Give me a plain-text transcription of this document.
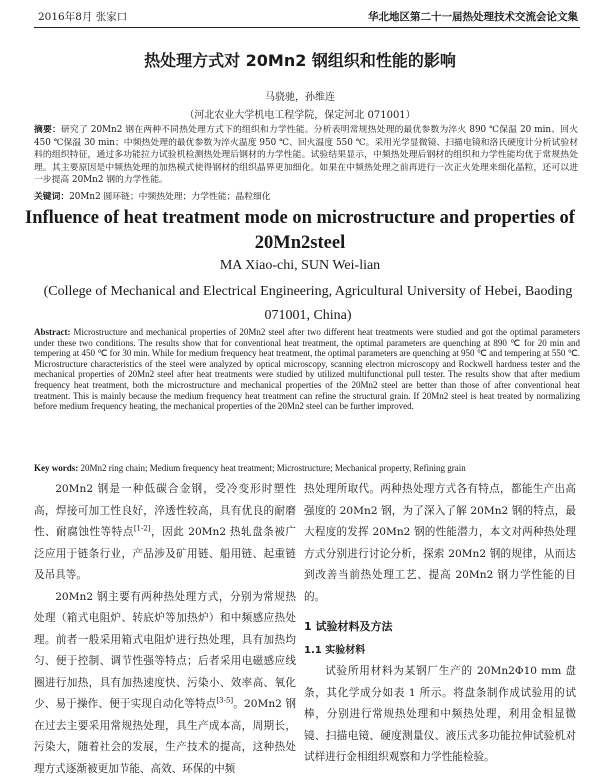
2016年8月 张家口	华北地区第二十一届热处理技术交流会论文集
热处理方式对 20Mn2 钢组织和性能的影响
马骁驰，孙维连
（河北农业大学机电工程学院，保定河北 071001）
摘要：研究了 20Mn2 钢在两种不同热处理方式下的组织和力学性能。分析表明常规热处理的最优参数为淬火 890 ℃保温 20 min、回火 450 ℃保温 30 min；中频热处理的最优参数为淬火温度 950 ℃、回火温度 550 ℃。采用光学显微镜、扫描电镜和洛氏硬度计分析试验材料的组织特征，通过多功能拉力试验机检测热处理后钢材的力学性能。试验结果显示，中频热处理后钢材的组织和力学性能均优于常规热处理。其主要原因是中频热处理的加热模式使得钢材的组织晶界更加细化。如果在中频热处理之前再进行一次正火处理来细化晶粒，还可以进一步提高 20Mn2 钢的力学性能。
关键词：20Mn2 圆环链；中频热处理；力学性能；晶粒细化
Influence of heat treatment mode on microstructure and properties of 20Mn2steel
MA Xiao-chi, SUN Wei-lian
(College of Mechanical and Electrical Engineering, Agricultural University of Hebei, Baoding 071001, China)
Abstract: Microstructure and mechanical properties of 20Mn2 steel after two different heat treatments were studied and got the optimal parameters under these two conditions. The results show that for conventional heat treatment, the optimal parameters are quenching at 890 ℃ for 20 min and tempering at 450 ℃ for 30 min. While for medium frequency heat treatment, the optimal parameters are quenching at 950 ℃ and tempering at 550 ℃. Microstructure characteristics of the steel were analyzed by optical microscopy, scanning electron microscopy and Rockwell hardness tester and the mechanical properties of 20Mn2 steel after heat treatments were studied by utilized multifunctional pull tester. The results show that after medium frequency heat treatment, both the microstructure and mechanical properties of the 20Mn2 steel are better than those of after conventional heat treatment. This is mainly because the medium frequency heat treatment can refine the structural grain. If 20Mn2 steel is heat treated by normalizing before medium frequency heating, the mechanical properties of the 20Mn2 steel can be further improved.
Key words: 20Mn2 ring chain; Medium frequency heat treatment; Microstructure; Mechanical property, Refining grain

20Mn2 钢是一种低碳合金钢，受冷变形时塑性高，焊接可加工性良好，淬透性较高，具有优良的耐磨性、耐腐蚀性等特点[1-2]，因此 20Mn2 热轧盘条被广泛应用于链条行业，产品涉及矿用链、船用链、起重链及吊具等。

20Mn2 钢主要有两种热处理方式，分别为常规热处理（箱式电阻炉、转底炉等加热炉）和中频感应热处理。前者一般采用箱式电阻炉进行热处理，具有加热均匀、便于控制、调节性强等特点；后者采用电磁感应线圈进行加热，具有加热速度快、污染小、效率高、氧化少、易于操作、便于实现自动化等特点[3-5]。20Mn2 钢在过去主要采用常规热处理，具生产成本高，周期长，污染大，随着社会的发展，生产技术的提高，这种热处理方式逐渐被更加节能、高效、环保的中频

热处理所取代。两种热处理方式各有特点，都能生产出高强度的 20Mn2 钢，为了深入了解 20Mn2 钢的特点，最大程度的发挥 20Mn2 钢的性能潜力，本文对两种热处理方式分别进行讨论分析，探索 20Mn2 钢的规律，从而达到改善当前热处理工艺、提高 20Mn2 钢力学性能的目的。

1 试验材料及方法
1.1 实验材料

试验所用材料为某钢厂生产的 20Mn2Φ10 mm 盘条，其化学成分如表 1 所示。将盘条制作成试验用的试棒，分别进行常规热处理和中频热处理，利用金相显微镜、扫描电镜、硬度测量仪、液压式多功能拉伸试验机对试样进行金相组织观察和力学性能检验。
